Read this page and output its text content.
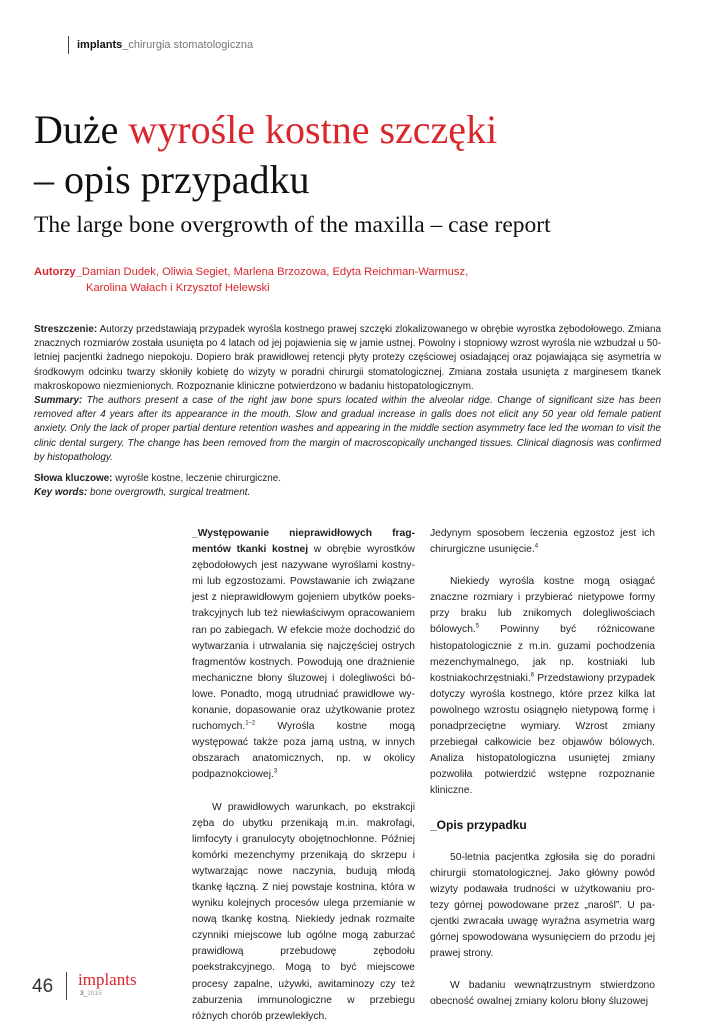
implants_chirurgia stomatologiczna
Duże wyrośle kostne szczęki
– opis przypadku
The large bone overgrowth of the maxilla – case report
Autorzy_Damian Dudek, Oliwia Segiet, Marlena Brzozowa, Edyta Reichman-Warmusz,
Karolina Wałach i Krzysztof Helewski

Streszczenie: Autorzy przedstawiają przypadek wyrośla kostnego prawej szczęki zlokalizowanego w obrębie wyrostka zębodołowego. Zmiana znacznych rozmiarów została usunięta po 4 latach od jej pojawienia się w jamie ustnej. Powolny i stopniowy wzrost wyrośla nie wzbudzał u 50-letniej pacjentki żadnego niepokoju. Dopiero brak prawidłowej retencji płyty protezy częściowej osiadającej oraz pojawiająca się asymetria w środkowym odcinku twarzy skłoniły kobietę do wizyty w poradni chirurgii stomatologicznej. Zmiana została usunięta z marginesem tkanek makroskopowo niezmienionych. Rozpoznanie kliniczne potwierdzono w badaniu histopatologicznym.

Summary: The authors present a case of the right jaw bone spurs located within the alveolar ridge. Change of significant size has been removed after 4 years after its appearance in the mouth. Slow and gradual increase in galls does not elicit any 50 year old female patient anxiety. Only the lack of proper partial denture retention washes and appearing in the middle section asymmetry face led the woman to visit the clinic dental surgery. The change has been removed from the margin of macroscopically unchanged tissues. Clinical diagnosis was confirmed by histopathology.

Słowa kluczowe: wyrośle kostne, leczenie chirurgiczne.

Key words: bone overgrowth, surgical treatment.

_Występowanie nieprawidłowych fragmentów tkanki kostnej w obrębie wyrostków zębodołowych jest nazywane wyroślami kostnymi lub egzostozami. Powstawanie ich związane jest z nieprawidłowym gojeniem ubytków poekstrakcyjnych lub też niewłaściwym opracowaniem ran po zabiegach. W efekcie może dochodzić do wytwarzania i utrwalania się najczęściej ostrych fragmentów kostnych. Powodują one drażnienie mechaniczne błony śluzowej i dolegliwości bólowe. Ponadto, mogą utrudniać prawidłowe wykonanie, dopasowanie oraz użytkowanie protez ruchomych.$^{1-2}$ Wyrośla kostne mogą występować także poza jamą ustną, w innych obszarach anatomicznych, np. w okolicy podpaznokciowej.$^3$

W prawidłowych warunkach, po ekstrakcji zęba do ubytku przenikają m.in. makrofagi, limfocyty i granulocyty obojętnochłonne. Później komórki mezenchymy przenikają do skrzepu i wytwarzając nowe naczynia, budują młodą tkankę łączną. Z niej powstaje kostnina, która w wyniku kolejnych procesów ulega przemianie w nową tkankę kostną. Niekiedy jednak rozmaite czynniki miejscowe lub ogólne mogą zaburzać prawidłową przebudowę zębodołu poekstrakcyjnego. Mogą to być miejscowe procesy zapalne, używki, awitaminozy czy też zaburzenia immunologiczne w przebiegu różnych chorób przewlekłych.

Jedynym sposobem leczenia egzostoz jest ich chirurgiczne usunięcie.$^4$

Niekiedy wyrośla kostne mogą osiągać znaczne rozmiary i przybierać nietypowe formy przy braku lub znikomych dolegliwościach bólowych.$^5$ Powinny być różnicowane histopatologicznie z m.in. guzami pochodzenia mezenchymalnego, jak np. kostniaki lub kostniakochrzęstniaki.$^6$ Przedstawiony przypadek dotyczy wyrośla kostnego, które przez kilka lat powolnego wzrostu osiągnęło nietypową formę i ponadprzeciętne wymiary. Wzrost zmiany przebiegał całkowicie bez objawów bólowych. Analiza histopatologiczna usuniętej zmiany pozwoliła potwierdzić wstępne rozpoznanie kliniczne.

_Opis przypadku

50-letnia pacjentka zgłosiła się do poradni chirurgii stomatologicznej. Jako główny powód wizyty podawała trudności w użytkowaniu protezy górnej powodowane przez „narośl”. U pacjentki zwracała uwagę wyraźna asymetria warg górnej spowodowana wysunięciem do przodu jej prawej strony.

W badaniu wewnątrzustnym stwierdzono obecność owalnej zmiany koloru błony śluzowej

46 implants
3_2015
